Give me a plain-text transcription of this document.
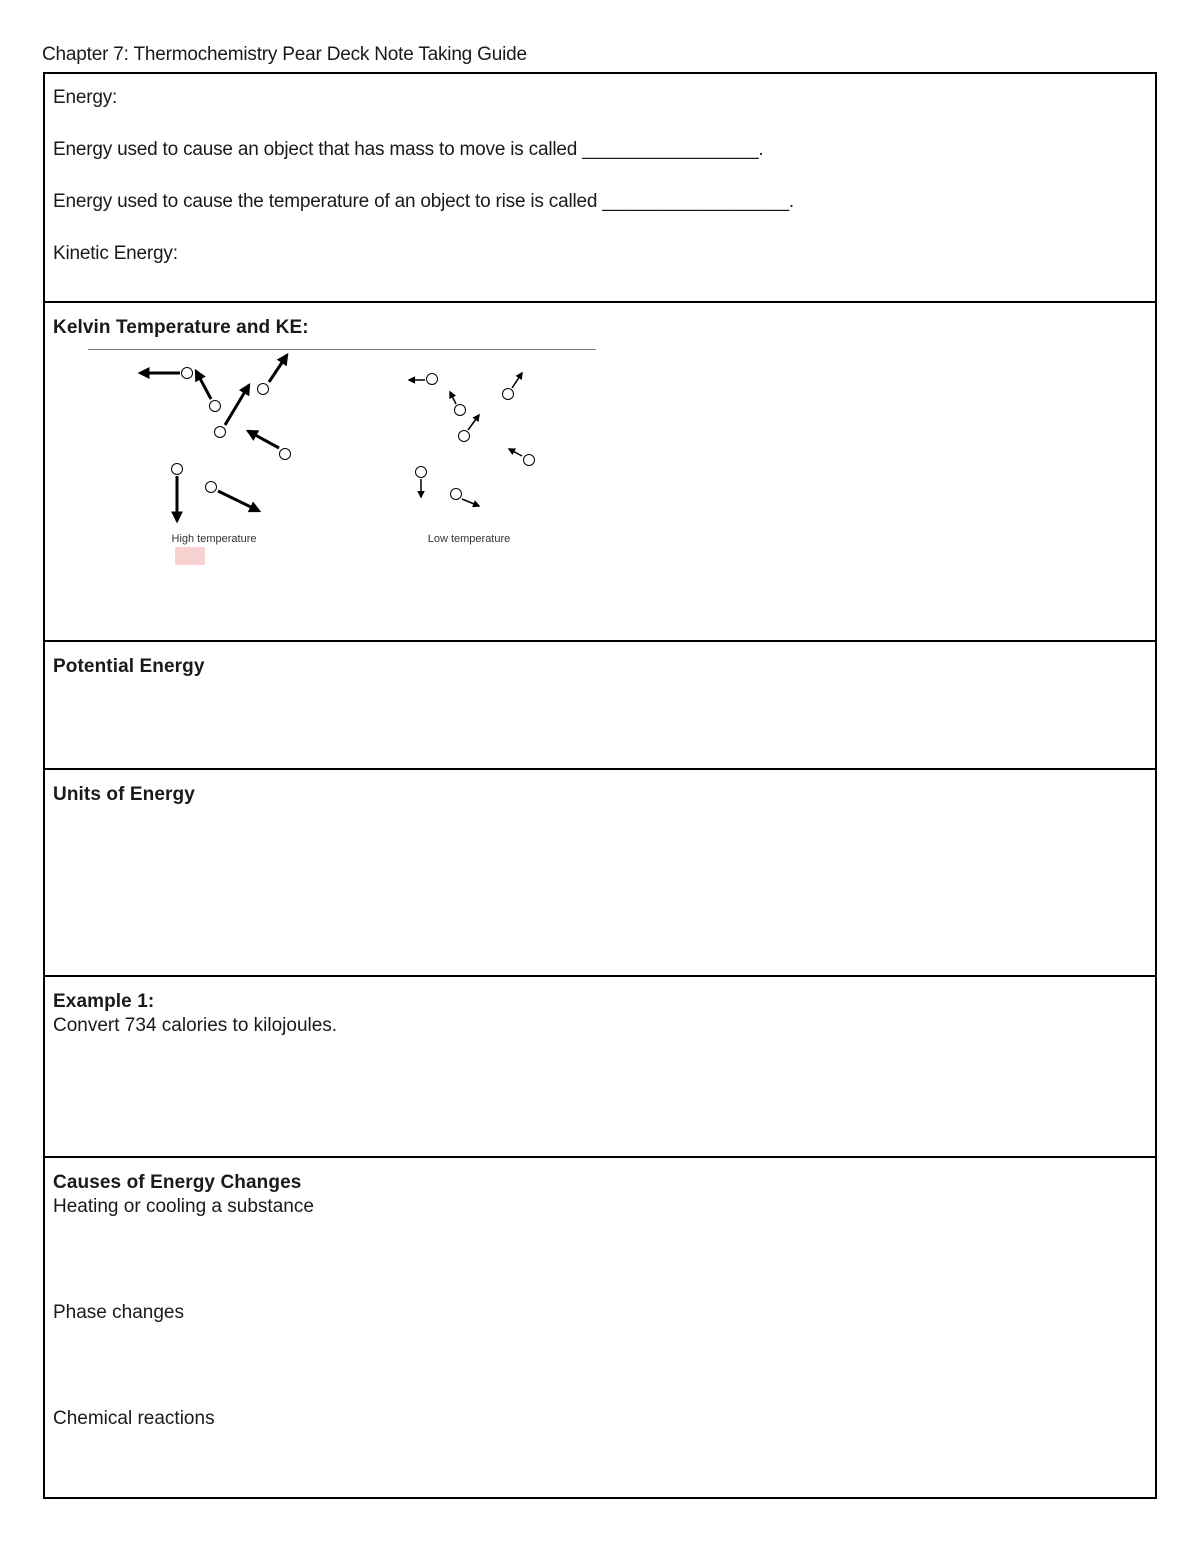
Chapter 7: Thermochemistry Pear Deck Note Taking Guide

Energy:

Energy used to cause an object that has mass to move is called _________________.

Energy used to cause the temperature of an object to rise is called __________________.

Kinetic Energy:

Kelvin Temperature and KE:

High temperature	Low temperature

Potential Energy

Units of Energy

Example 1:

Convert 734 calories to kilojoules.

Causes of Energy Changes

Heating or cooling a substance

Phase changes

Chemical reactions
